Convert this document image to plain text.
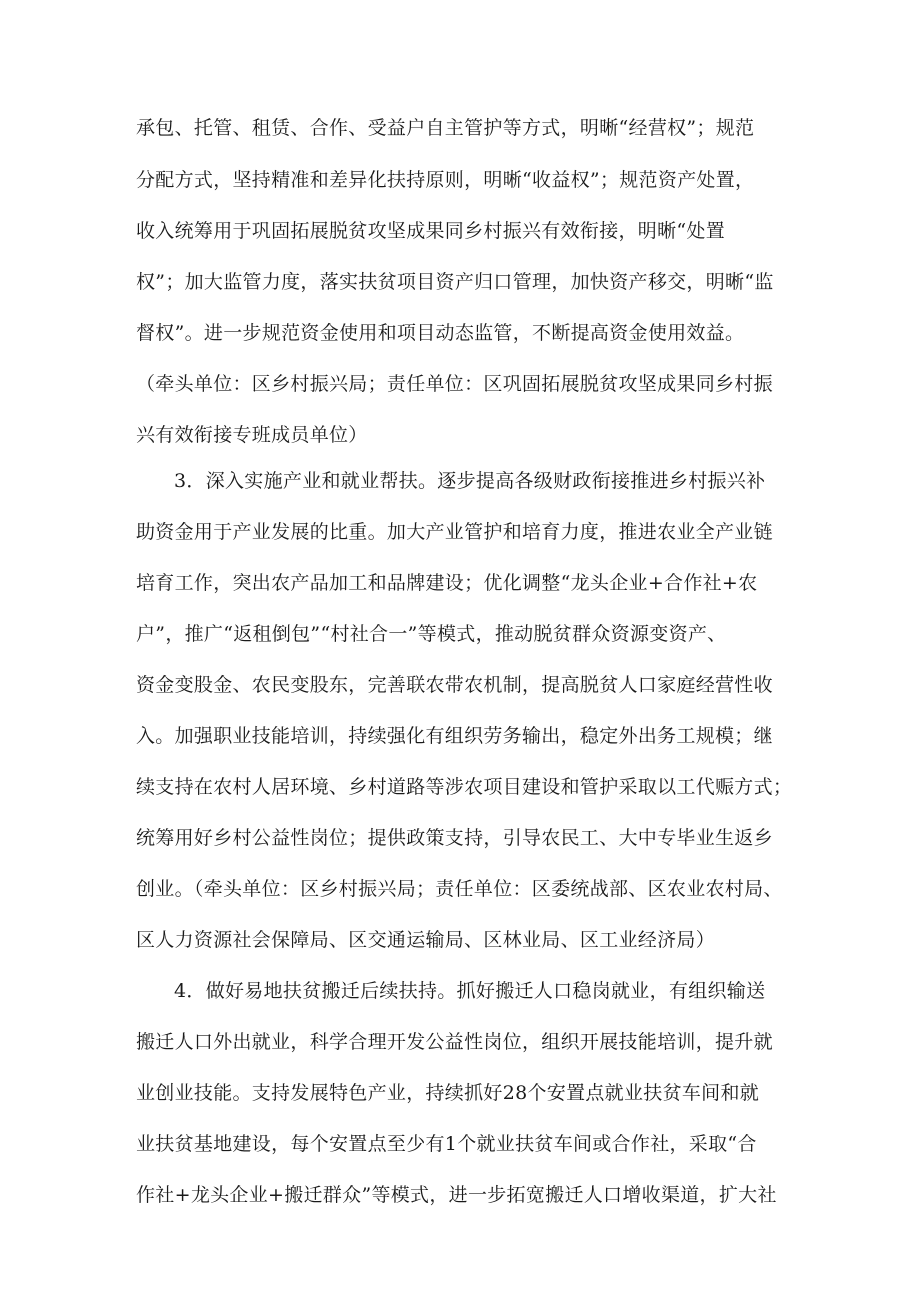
承包、托管、租赁、合作、受益户自主管护等方式，明晰“经营权”；规范
分配方式，坚持精准和差异化扶持原则，明晰“收益权”；规范资产处置，
收入统筹用于巩固拓展脱贫攻坚成果同乡村振兴有效衔接，明晰“处置
权”；加大监管力度，落实扶贫项目资产归口管理，加快资产移交，明晰“监
督权”。进一步规范资金使用和项目动态监管，不断提高资金使用效益。
（牵头单位：区乡村振兴局；责任单位：区巩固拓展脱贫攻坚成果同乡村振
兴有效衔接专班成员单位）
3．深入实施产业和就业帮扶。逐步提高各级财政衔接推进乡村振兴补
助资金用于产业发展的比重。加大产业管护和培育力度，推进农业全产业链
培育工作，突出农产品加工和品牌建设；优化调整“龙头企业+合作社+农
户”，推广“返租倒包”“村社合一”等模式，推动脱贫群众资源变资产、
资金变股金、农民变股东，完善联农带农机制，提高脱贫人口家庭经营性收
入。加强职业技能培训，持续强化有组织劳务输出，稳定外出务工规模；继
续支持在农村人居环境、乡村道路等涉农项目建设和管护采取以工代赈方式；
统筹用好乡村公益性岗位；提供政策支持，引导农民工、大中专毕业生返乡
创业。（牵头单位：区乡村振兴局；责任单位：区委统战部、区农业农村局、
区人力资源社会保障局、区交通运输局、区林业局、区工业经济局）
4．做好易地扶贫搬迁后续扶持。抓好搬迁人口稳岗就业，有组织输送
搬迁人口外出就业，科学合理开发公益性岗位，组织开展技能培训，提升就
业创业技能。支持发展特色产业，持续抓好28个安置点就业扶贫车间和就
业扶贫基地建设，每个安置点至少有1个就业扶贫车间或合作社，采取“合
作社+龙头企业+搬迁群众”等模式，进一步拓宽搬迁人口增收渠道，扩大社
